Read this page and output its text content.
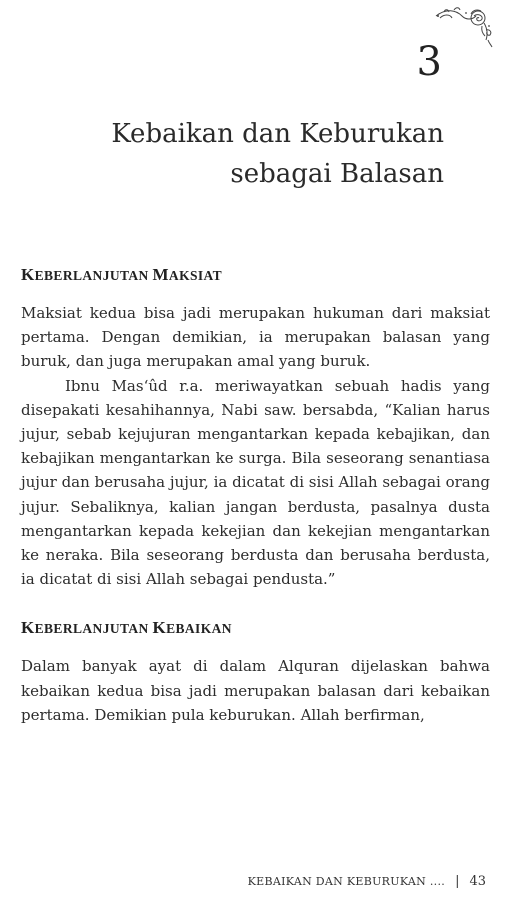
3
Kebaikan dan Keburukan
sebagai Balasan
KEBERLANJUTAN MAKSIAT

Maksiat kedua bisa jadi merupakan hukuman dari maksiat pertama. Dengan demikian, ia merupakan balasan yang buruk, dan juga merupakan amal yang buruk.

Ibnu Mas‘ûd r.a. meriwayatkan sebuah hadis yang disepakati kesahihannya, Nabi saw. bersabda, “Kalian harus jujur, sebab kejujuran mengantarkan kepada kebajikan, dan kebajikan mengantarkan ke surga. Bila seseorang senantiasa jujur dan berusaha jujur, ia dicatat di sisi Allah sebagai orang jujur. Sebaliknya, kalian jangan berdusta, pasalnya dusta mengantarkan kepada kekejian dan kekejian mengantarkan ke neraka. Bila seseorang berdusta dan berusaha berdusta, ia dicatat di sisi Allah sebagai pendusta.”

KEBERLANJUTAN KEBAIKAN

Dalam banyak ayat di dalam Alquran dijelaskan bahwa kebaikan kedua bisa jadi merupakan balasan dari kebaikan pertama. Demikian pula keburukan. Allah berfirman,

KEBAIKAN DAN KEBURUKAN .... | 43
